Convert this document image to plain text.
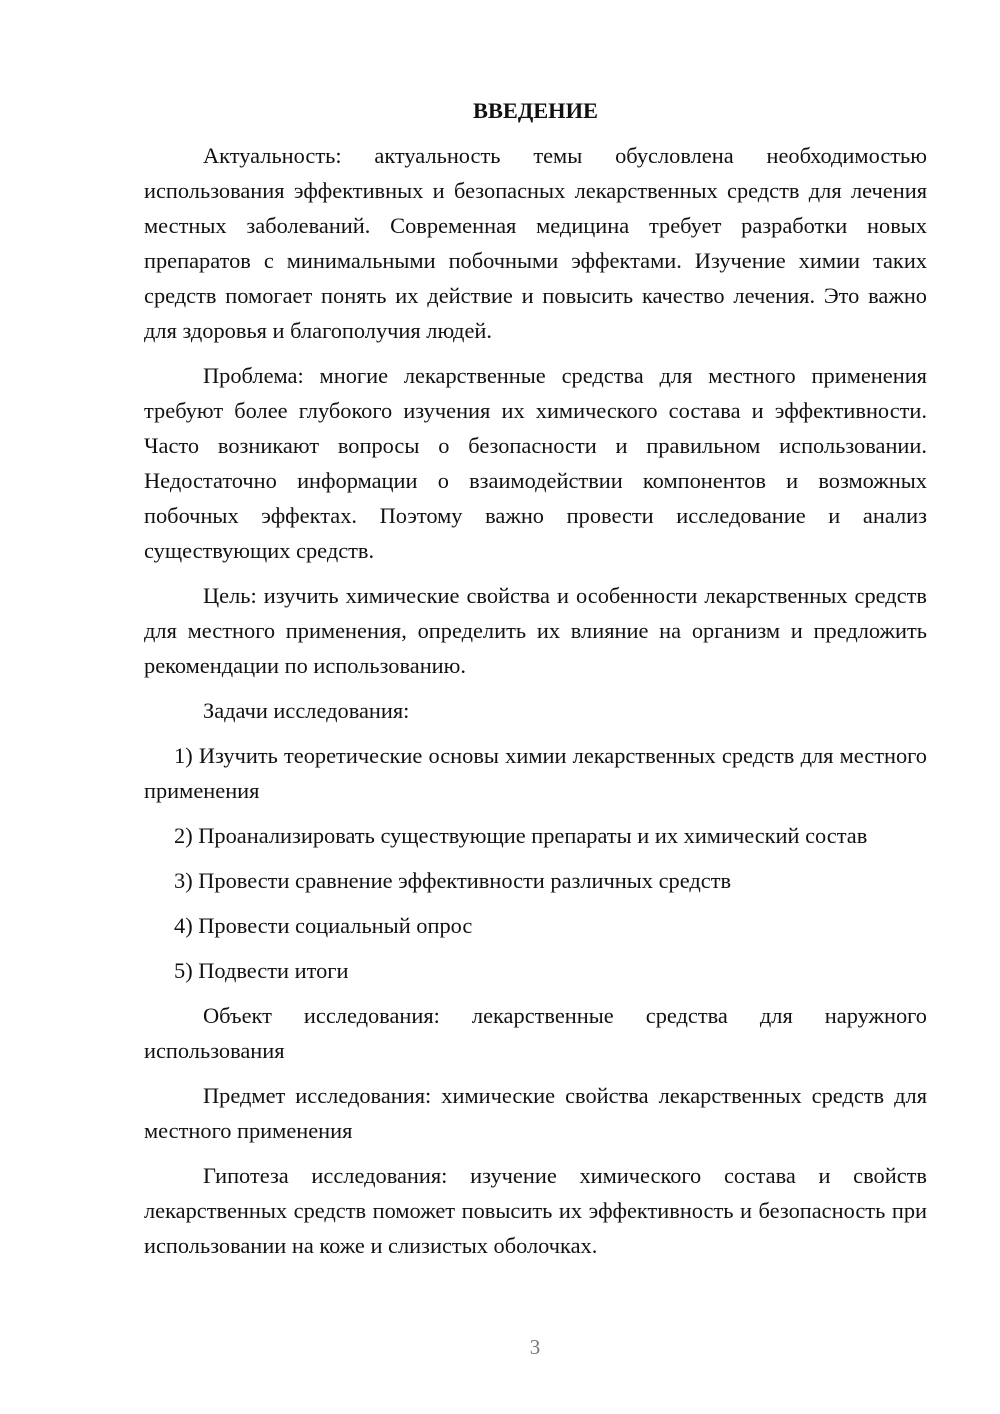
ВВЕДЕНИЕ

Актуальность: актуальность темы обусловлена необходимостью использования эффективных и безопасных лекарственных средств для лечения местных заболеваний. Современная медицина требует разработки новых препаратов с минимальными побочными эффектами. Изучение химии таких средств помогает понять их действие и повысить качество лечения. Это важно для здоровья и благополучия людей.

Проблема: многие лекарственные средства для местного применения требуют более глубокого изучения их химического состава и эффективности. Часто возникают вопросы о безопасности и правильном использовании. Недостаточно информации о взаимодействии компонентов и возможных побочных эффектах. Поэтому важно провести исследование и анализ существующих средств.

Цель: изучить химические свойства и особенности лекарственных средств для местного применения, определить их влияние на организм и предложить рекомендации по использованию.

Задачи исследования:

1) Изучить теоретические основы химии лекарственных средств для местного применения

2) Проанализировать существующие препараты и их химический состав

3) Провести сравнение эффективности различных средств

4) Провести социальный опрос

5) Подвести итоги

Объект исследования: лекарственные средства для наружного использования

Предмет исследования: химические свойства лекарственных средств для местного применения

Гипотеза исследования: изучение химического состава и свойств лекарственных средств поможет повысить их эффективность и безопасность при использовании на коже и слизистых оболочках.

3
